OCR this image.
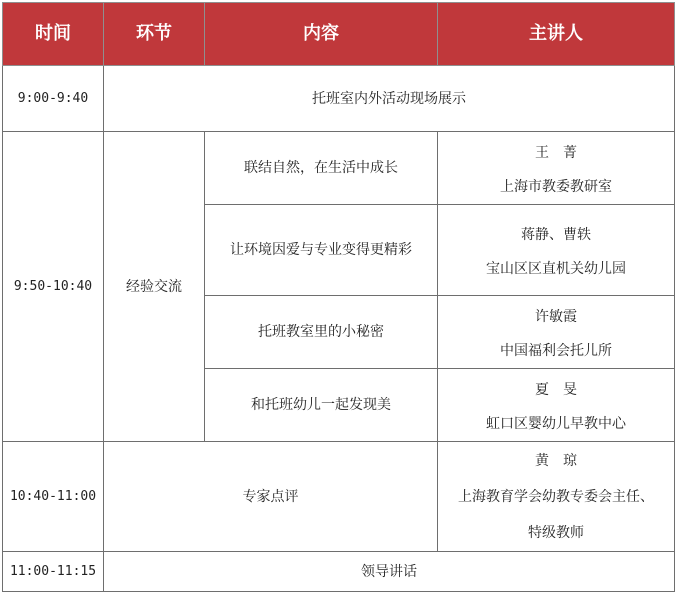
时间	环节	内容	主讲人
9:00-9:40	托班室内外活动现场展示		
9:50-10:40	经验交流	联结自然，在生活中成长	王　菁
上海市教委教研室

		让环境因爱与专业变得更精彩	蒋静、曹轶
宝山区区直机关幼儿园

		托班教室里的小秘密	许敏霞
中国福利会托儿所

		和托班幼儿一起发现美	夏　旻
虹口区婴幼儿早教中心

10:40-11:00	专家点评		黄　琼
上海教育学会幼教专委会主任、
特级教师

11:00-11:15	领导讲话		
